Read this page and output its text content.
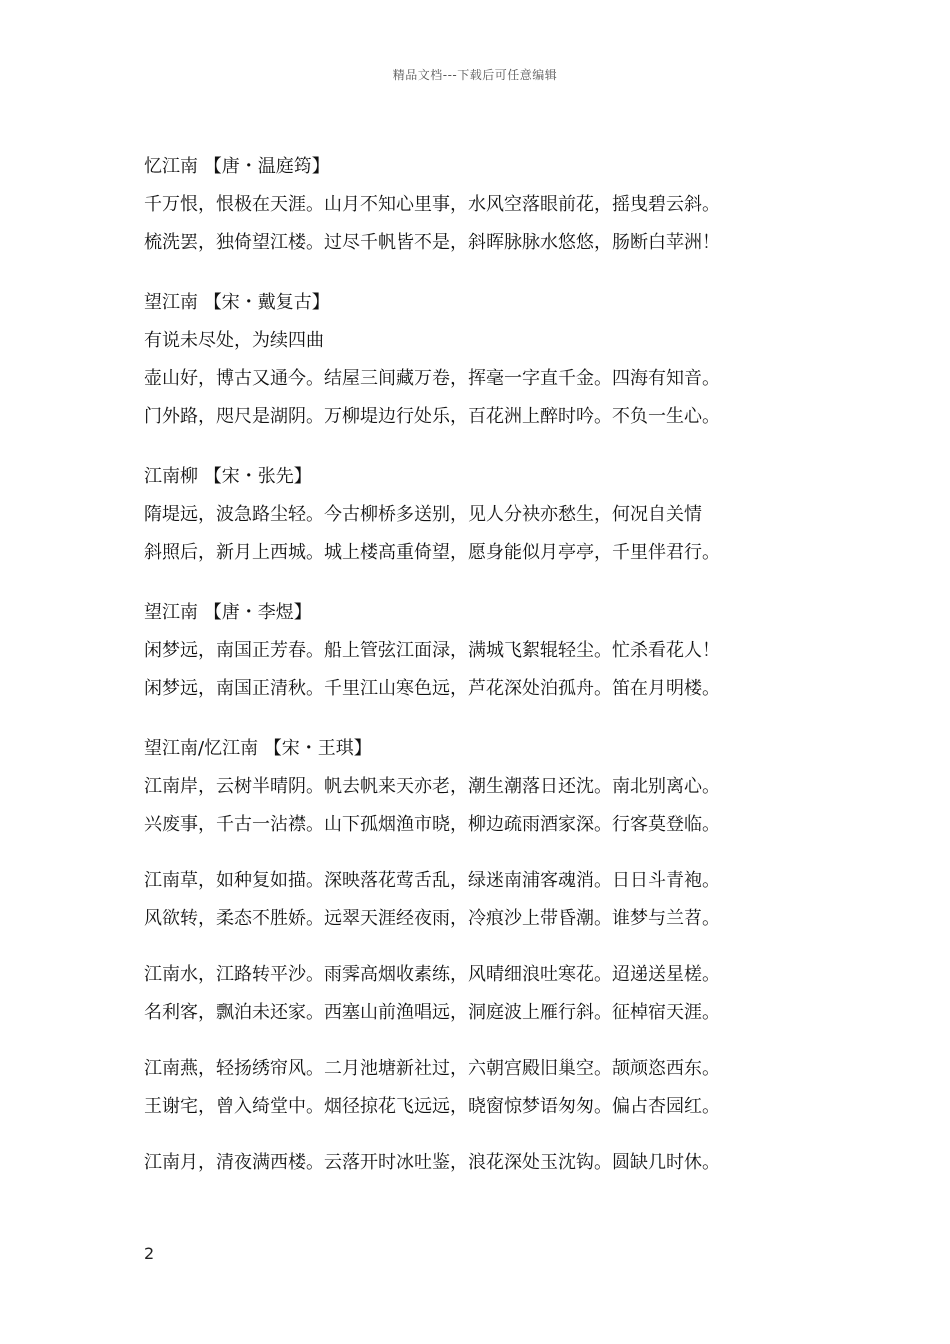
精品文档---下载后可任意编辑
忆江南 【唐・温庭筠】
千万恨，恨极在天涯。山月不知心里事，水风空落眼前花，摇曳碧云斜。
梳洗罢，独倚望江楼。过尽千帆皆不是，斜晖脉脉水悠悠，肠断白苹洲！
望江南 【宋・戴复古】
有说未尽处，为续四曲
壶山好，博古又通今。结屋三间藏万卷，挥毫一字直千金。四海有知音。
门外路，咫尺是湖阴。万柳堤边行处乐，百花洲上醉时吟。不负一生心。
江南柳 【宋・张先】
隋堤远，波急路尘轻。今古柳桥多送别，见人分袂亦愁生，何况自关情
斜照后，新月上西城。城上楼高重倚望，愿身能似月亭亭，千里伴君行。
望江南 【唐・李煜】
闲梦远，南国正芳春。船上管弦江面渌，满城飞絮辊轻尘。忙杀看花人！
闲梦远，南国正清秋。千里江山寒色远，芦花深处泊孤舟。笛在月明楼。
望江南/忆江南 【宋・王琪】
江南岸，云树半晴阴。帆去帆来天亦老，潮生潮落日还沈。南北别离心。
兴废事，千古一沾襟。山下孤烟渔市晓，柳边疏雨酒家深。行客莫登临。
江南草，如种复如描。深映落花莺舌乱，绿迷南浦客魂消。日日斗青袍。
风欲转，柔态不胜娇。远翠天涯经夜雨，冷痕沙上带昏潮。谁梦与兰苕。
江南水，江路转平沙。雨霁高烟收素练，风晴细浪吐寒花。迢递送星槎。
名利客，飘泊未还家。西塞山前渔唱远，洞庭波上雁行斜。征棹宿天涯。
江南燕，轻扬绣帘风。二月池塘新社过，六朝宫殿旧巢空。颉颃恣西东。
王谢宅，曾入绮堂中。烟径掠花飞远远，晓窗惊梦语匆匆。偏占杏园红。
江南月，清夜满西楼。云落开时冰吐鉴，浪花深处玉沈钩。圆缺几时休。
2
